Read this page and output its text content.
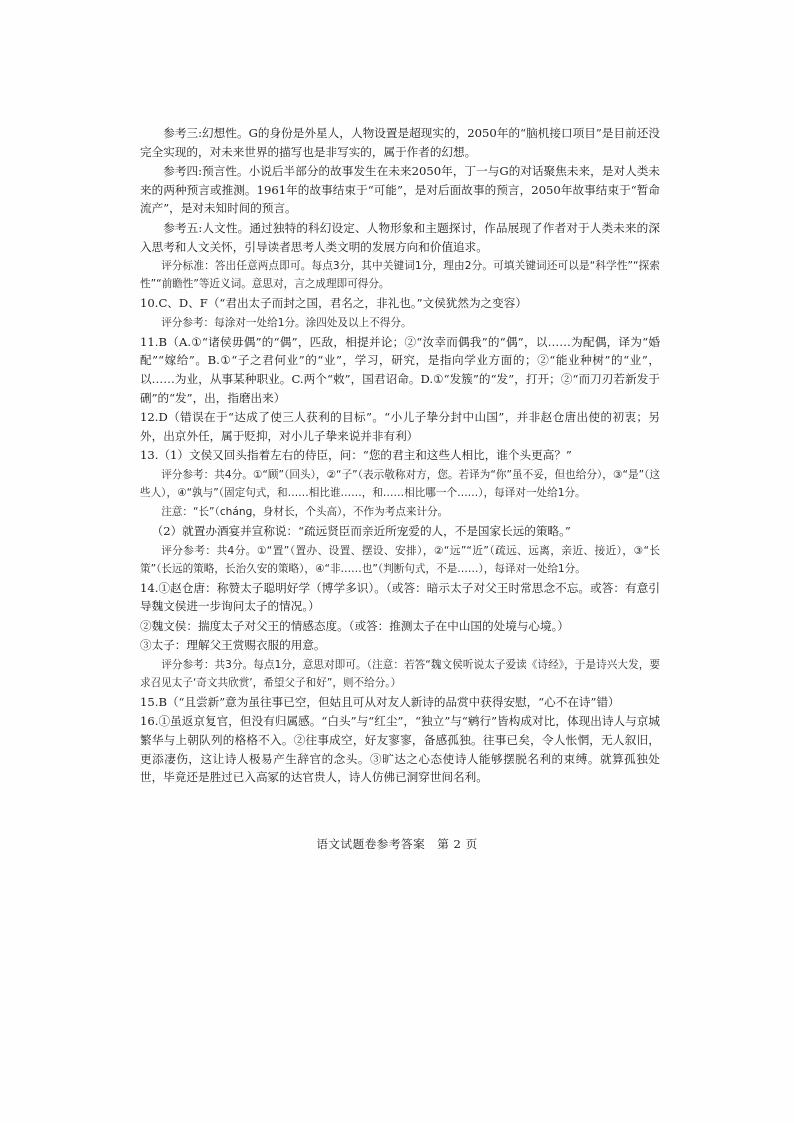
参考三:幻想性。G的身份是外星人，人物设置是超现实的，2050年的“脑机接口项目”是目前还没完全实现的，对未来世界的描写也是非写实的，属于作者的幻想。

参考四:预言性。小说后半部分的故事发生在未来2050年，丁一与G的对话聚焦未来，是对人类未来的两种预言或推测。1961年的故事结束于“可能”，是对后面故事的预言，2050年故事结束于“暂命流产”，是对未知时间的预言。

参考五:人文性。通过独特的科幻设定、人物形象和主题探讨，作品展现了作者对于人类未来的深入思考和人文关怀，引导读者思考人类文明的发展方向和价值追求。

评分标准：答出任意两点即可。每点3分，其中关键词1分，理由2分。可填关键词还可以是“科学性”“探索性”“前瞻性”等近义词。意思对，言之成理即可得分。

10.C、D、F（“君出太子而封之国，君名之，非礼也。”文侯犹然为之变容）

评分参考：每涂对一处给1分。涂四处及以上不得分。

11.B（A.①“诸侯毋偶”的“偶”，匹敌，相提并论；②“汝幸而偶我”的“偶”，以……为配偶，译为“婚配”“嫁给”。B.①“子之君何业”的“业”，学习，研究，是指向学业方面的；②“能业种树”的“业”，以……为业，从事某种职业。C.两个“敕”，国君诏命。D.①“发簇”的“发”，打开；②“而刀刃若新发于硎”的“发”，出，指磨出来）

12.D（错误在于“达成了使三人获利的目标”。“小儿子挚分封中山国”，并非赵仓唐出使的初衷；另外，出京外任，属于贬抑，对小儿子挚来说并非有利）

13.（1）文侯又回头指着左右的侍臣，问：“您的君主和这些人相比，谁个头更高？”

评分参考：共4分。①“顾”（回头），②“子”（表示敬称对方，您。若译为“你”虽不妥，但也给分），③“是”（这些人），④“孰与”（固定句式，和……相比谁……，和……相比哪一个……），每译对一处给1分。

注意：“长”（chánɡ，身材长，个头高），不作为考点来计分。

（2）就置办酒宴并宣称说：“疏远贤臣而亲近所宠爱的人，不是国家长远的策略。”

评分参考：共4分。①“置”（置办、设置、摆设、安排），②“远”“近”（疏远、远离，亲近、接近），③“长策”（长远的策略，长治久安的策略），④“非……也”（判断句式，不是……），每译对一处给1分。

14.①赵仓唐：称赞太子聪明好学（博学多识）。（或答：暗示太子对父王时常思念不忘。或答：有意引导魏文侯进一步询问太子的情况。）

②魏文侯：揣度太子对父王的情感态度。（或答：推测太子在中山国的处境与心境。）

③太子：理解父王赏赐衣服的用意。

评分参考：共3分。每点1分，意思对即可。（注意：若答“魏文侯听说太子爱读《诗经》，于是诗兴大发，要求召见太子‘奇文共欣赏’，希望父子和好”，则不给分。）

15.B（“且尝新”意为虽往事已空，但姑且可从对友人新诗的品赏中获得安慰，“心不在诗”错）

16.①虽返京复官，但没有归属感。“白头”与“红尘”，“独立”与“鹓行”皆构成对比，体现出诗人与京城繁华与上朝队列的格格不入。②往事成空，好友寥寥，备感孤独。往事已矣，令人怅惘，无人叙旧，更添凄伤，这让诗人极易产生辞官的念头。③旷达之心态使诗人能够摆脱名利的束缚。就算孤独处世，毕竟还是胜过已入高冢的达官贵人，诗人仿佛已洞穿世间名利。

语文试题卷参考答案　第 2 页
